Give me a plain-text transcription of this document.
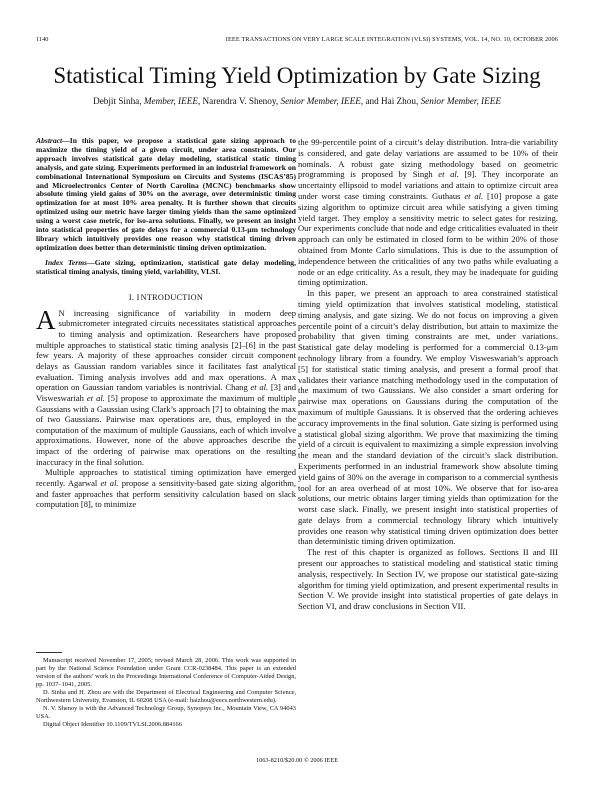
1140	IEEE TRANSACTIONS ON VERY LARGE SCALE INTEGRATION (VLSI) SYSTEMS, VOL. 14, NO. 10, OCTOBER 2006
Statistical Timing Yield Optimization by Gate Sizing
Debjit Sinha, Member, IEEE, Narendra V. Shenoy, Senior Member, IEEE, and Hai Zhou, Senior Member, IEEE

Abstract—In this paper, we propose a statistical gate sizing approach to maximize the timing yield of a given circuit, under area constraints. Our approach involves statistical gate delay modeling, statistical static timing analysis, and gate sizing. Experiments performed in an industrial framework on combinational International Symposium on Circuits and Systems (ISCAS’85) and Microelectronics Center of North Carolina (MCNC) benchmarks show absolute timing yield gains of 30% on the average, over deterministic timing optimization for at most 10% area penalty. It is further shown that circuits optimized using our metric have larger timing yields than the same optimized using a worst case metric, for iso-area solutions. Finally, we present an insight into statistical properties of gate delays for a commercial 0.13-μm technology library which intuitively provides one reason why statistical timing driven optimization does better than deterministic timing driven optimization.

Index Terms—Gate sizing, optimization, statistical gate delay modeling, statistical timing analysis, timing yield, variability, VLSI.

I. I NTRODUCTION

A N increasing significance of variability in modern deep submicrometer integrated circuits necessitates statistical approaches to timing analysis and optimization. Researchers have proposed multiple approaches to statistical static timing analysis [2]–[6] in the past few years. A majority of these approaches consider circuit component delays as Gaussian random variables since it facilitates fast analytical evaluation. Timing analysis involves add and max operations. A max operation on Gaussian random variables is nontrivial. Chang et al. [3] and Visweswariah et al. [5] propose to approximate the maximum of multiple Gaussians with a Gaussian using Clark’s approach [7] to obtaining the max of two Gaussians. Pairwise max operations are, thus, employed in the computation of the maximum of multiple Gaussians, each of which involve approximations. However, none of the above approaches describe the impact of the ordering of pairwise max operations on the resulting inaccuracy in the final solution.

Multiple approaches to statistical timing optimization have emerged recently. Agarwal et al. propose a sensitivity-based gate sizing algorithm, and faster approaches that perform sensitivity calculation based on slack computation [8], to minimize

Manuscript received November 17, 2005; revised March 28, 2006. This work was supported in part by the National Science Foundation under Grant CCR-0238484. This paper is an extended version of the authors’ work in the Proceedings International Conference of Computer-Aided Design, pp. 1037–1041, 2005.

D. Sinha and H. Zhou are with the Department of Electrical Engineering and Computer Science, Northwestern University, Evanston, IL 60208 USA (e-mail: haizhou@eecs.northwestern.edu).

N. V. Shenoy is with the Advanced Technology Group, Synopsys Inc., Mountain View, CA 94043 USA.

Digital Object Identifier 10.1109/TVLSI.2006.884166

the 99-percentile point of a circuit’s delay distribution. Intra-die variability is considered, and gate delay variations are assumed to be 10% of their nominals. A robust gate sizing methodology based on geometric programming is proposed by Singh et al. [9]. They incorporate an uncertainty ellipsoid to model variations and attain to optimize circuit area under worst case timing constraints. Guthaus et al. [10] propose a gate sizing algorithm to optimize circuit area while satisfying a given timing yield target. They employ a sensitivity metric to select gates for resizing. Our experiments conclude that node and edge criticalities evaluated in their approach can only be estimated in closed form to be within 20% of those obtained from Monte Carlo simulations. This is due to the assumption of independence between the criticalities of any two paths while evaluating a node or an edge criticality. As a result, they may be inadequate for guiding timing optimization.

In this paper, we present an approach to area constrained statistical timing yield optimization that involves statistical modeling, statistical timing analysis, and gate sizing. We do not focus on improving a given percentile point of a circuit’s delay distribution, but attain to maximize the probability that given timing constraints are met, under variations. Statistical gate delay modeling is performed for a commercial 0.13-μm technology library from a foundry. We employ Visweswariah’s approach [5] for statistical static timing analysis, and present a formal proof that validates their variance matching methodology used in the computation of the maximum of two Gaussians. We also consider a smart ordering for pairwise max operations on Gaussians during the computation of the maximum of multiple Gaussians. It is observed that the ordering achieves accuracy improvements in the final solution. Gate sizing is performed using a statistical global sizing algorithm. We prove that maximizing the timing yield of a circuit is equivalent to maximizing a simple expression involving the mean and the standard deviation of the circuit’s slack distribution. Experiments performed in an industrial framework show absolute timing yield gains of 30% on the average in comparison to a commercial synthesis tool for an area overhead of at most 10%. We observe that for iso-area solutions, our metric obtains larger timing yields than optimization for the worst case slack. Finally, we present insight into statistical properties of gate delays from a commercial technology library which intuitively provides one reason why statistical timing driven optimization does better than deterministic timing driven optimization.

The rest of this chapter is organized as follows. Sections II and III present our approaches to statistical modeling and statistical static timing analysis, respectively. In Section IV, we propose our statistical gate-sizing algorithm for timing yield optimization, and present experimental results in Section V. We provide insight into statistical properties of gate delays in Section VI, and draw conclusions in Section VII.

1063-8210/$20.00 © 2006 IEEE
